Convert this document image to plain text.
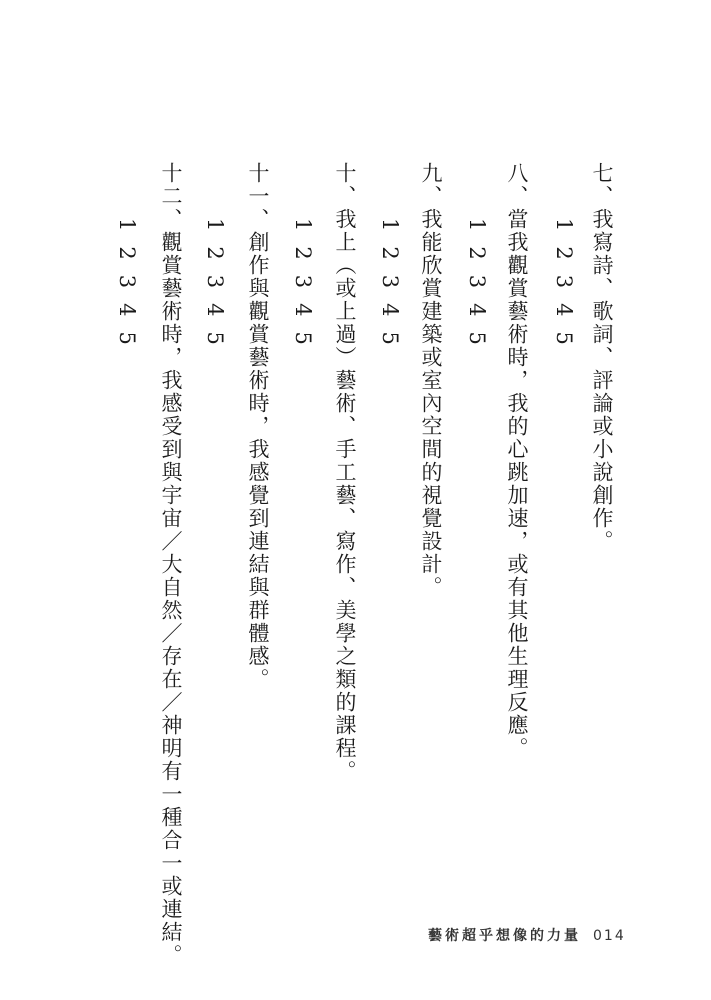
七、我寫詩、歌詞、評論或小說創作。
12345
八、當我觀賞藝術時，我的心跳加速，或有其他生理反應。
12345
九、我能欣賞建築或室內空間的視覺設計。
12345
十、我上（或上過）藝術、手工藝、寫作、美學之類的課程。
12345
十一、創作與觀賞藝術時，我感覺到連結與群體感。
12345
十二、觀賞藝術時，我感受到與宇宙／大自然／存在／神明有一種合一或連結。
12345
藝術超乎想像的力量 014
